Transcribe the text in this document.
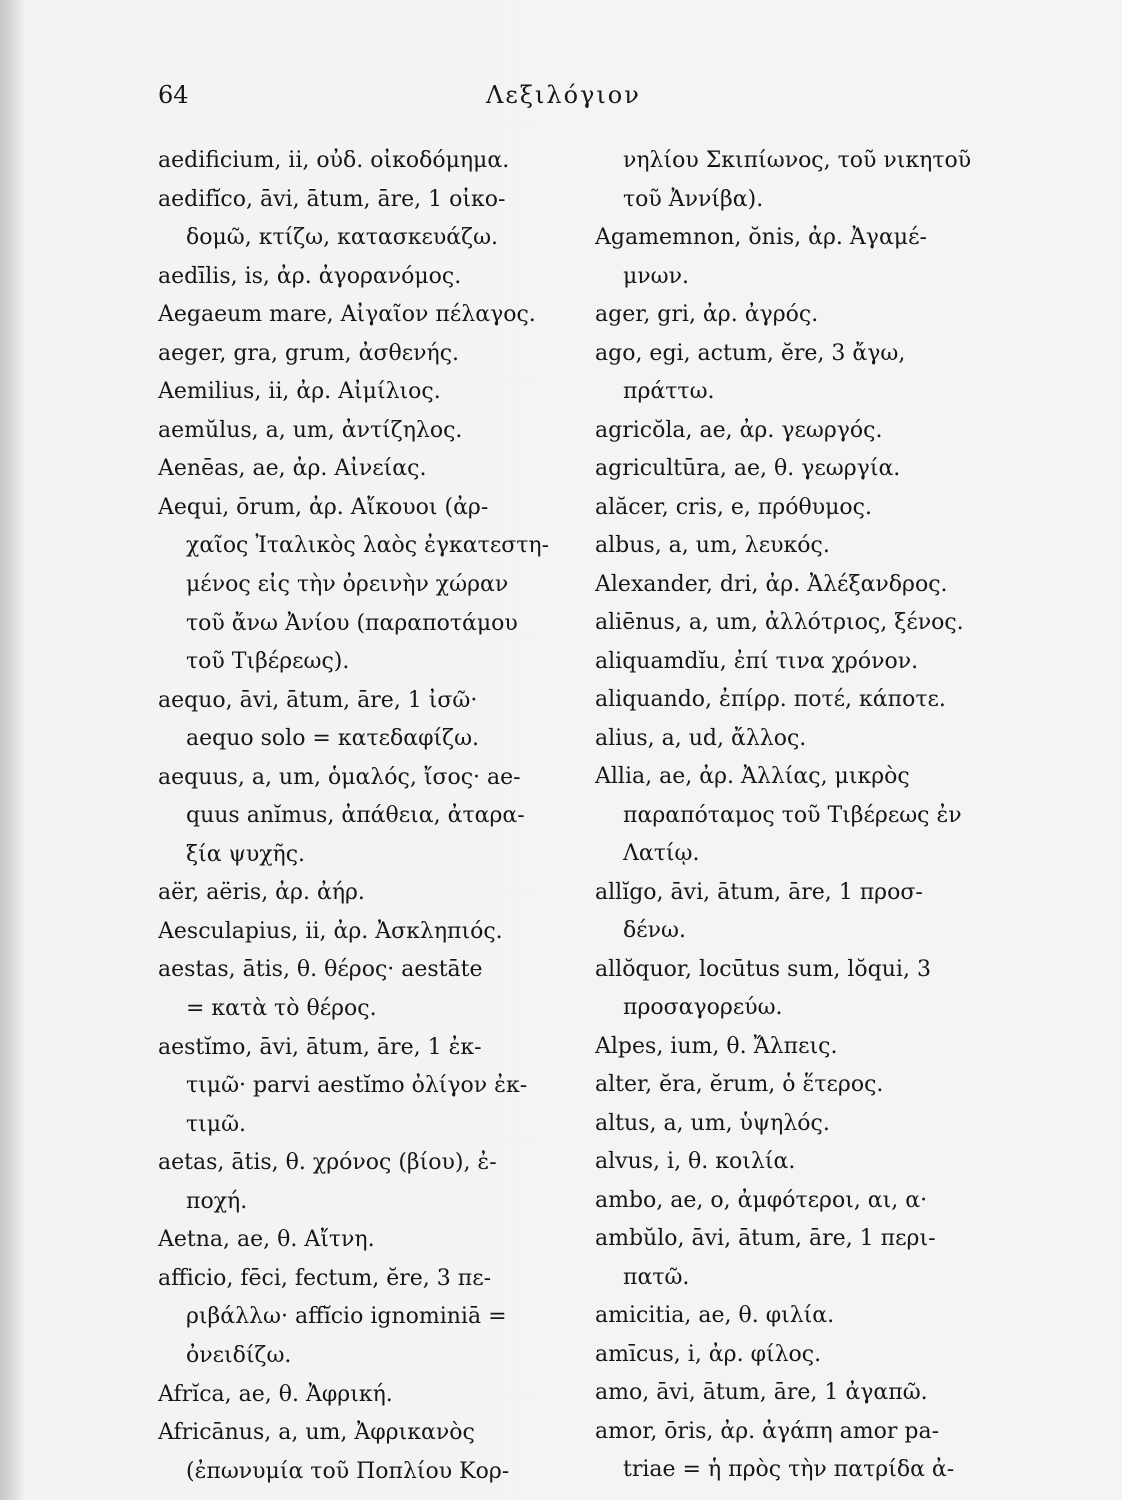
64	Λεξιλόγιον
aedificium, ii, οὐδ. οἰκοδόμημα.
aedifĭco, āvi, ātum, āre, 1 οἰκο-
δομῶ, κτίζω, κατασκευάζω.
aedīlis, is, ἀρ. ἀγορανόμος.
Aegaeum mare, Αἰγαῖον πέλαγος.
aeger, gra, grum, ἀσθενής.
Aemilius, ii, ἀρ. Αἰμίλιος.
aemŭlus, a, um, ἀντίζηλος.
Aenēas, ae, ἀρ. Αἰνείας.
Aequi, ōrum, ἀρ. Αἴκουοι (ἀρ-
χαῖος Ἰταλικὸς λαὸς ἐγκατεστη-
μένος εἰς τὴν ὀρεινὴν χώραν
τοῦ ἄνω Ἀνίου (παραποτάμου
τοῦ Τιβέρεως).
aequo, āvi, ātum, āre, 1 ἰσῶ·
aequo solo = κατεδαφίζω.
aequus, a, um, ὁμαλός, ἴσος· ae-
quus anĭmus, ἀπάθεια, ἀταρα-
ξία ψυχῆς.
aër, aëris, ἀρ. ἀήρ.
Aesculapius, ii, ἀρ. Ἀσκληπιός.
aestas, ātis, θ. θέρος· aestāte
= κατὰ τὸ θέρος.
aestĭmo, āvi, ātum, āre, 1 ἐκ-
τιμῶ· parvi aestĭmo ὀλίγον ἐκ-
τιμῶ.
aetas, ātis, θ. χρόνος (βίου), ἐ-
ποχή.
Aetna, ae, θ. Αἴτνη.
afficio, fēci, fectum, ĕre, 3 πε-
ριβάλλω· affĭcio ignominiā =
ὀνειδίζω.
Afrĭca, ae, θ. Ἀφρική.
Africānus, a, um, Ἀφρικανὸς
(ἐπωνυμία τοῦ Ποπλίου Κορ-
νηλίου Σκιπίωνος, τοῦ νικητοῦ
τοῦ Ἀννίβα).
Agamemnon, ŏnis, ἀρ. Ἀγαμέ-
μνων.
ager, gri, ἀρ. ἀγρός.
ago, egi, actum, ĕre, 3 ἄγω,
πράττω.
agricŏla, ae, ἀρ. γεωργός.
agricultūra, ae, θ. γεωργία.
alăcer, cris, e, πρόθυμος.
albus, a, um, λευκός.
Alexander, dri, ἀρ. Ἀλέξανδρος.
aliēnus, a, um, ἀλλότριος, ξένος.
aliquamdĭu, ἐπί τινα χρόνον.
aliquando, ἐπίρρ. ποτέ, κάποτε.
alius, a, ud, ἄλλος.
Allia, ae, ἀρ. Ἀλλίας, μικρὸς
παραπόταμος τοῦ Τιβέρεως ἐν
Λατίῳ.
allĭgo, āvi, ātum, āre, 1 προσ-
δένω.
allŏquor, locūtus sum, lŏqui, 3
προσαγορεύω.
Alpes, ium, θ. Ἄλπεις.
alter, ĕra, ĕrum, ὁ ἕτερος.
altus, a, um, ὑψηλός.
alvus, i, θ. κοιλία.
ambo, ae, o, ἀμφότεροι, αι, α·
ambŭlo, āvi, ātum, āre, 1 περι-
πατῶ.
amicitia, ae, θ. φιλία.
amīcus, i, ἀρ. φίλος.
amo, āvi, ātum, āre, 1 ἀγαπῶ.
amor, ōris, ἀρ. ἀγάπη amor pa-
triae = ἡ πρὸς τὴν πατρίδα ἀ-
